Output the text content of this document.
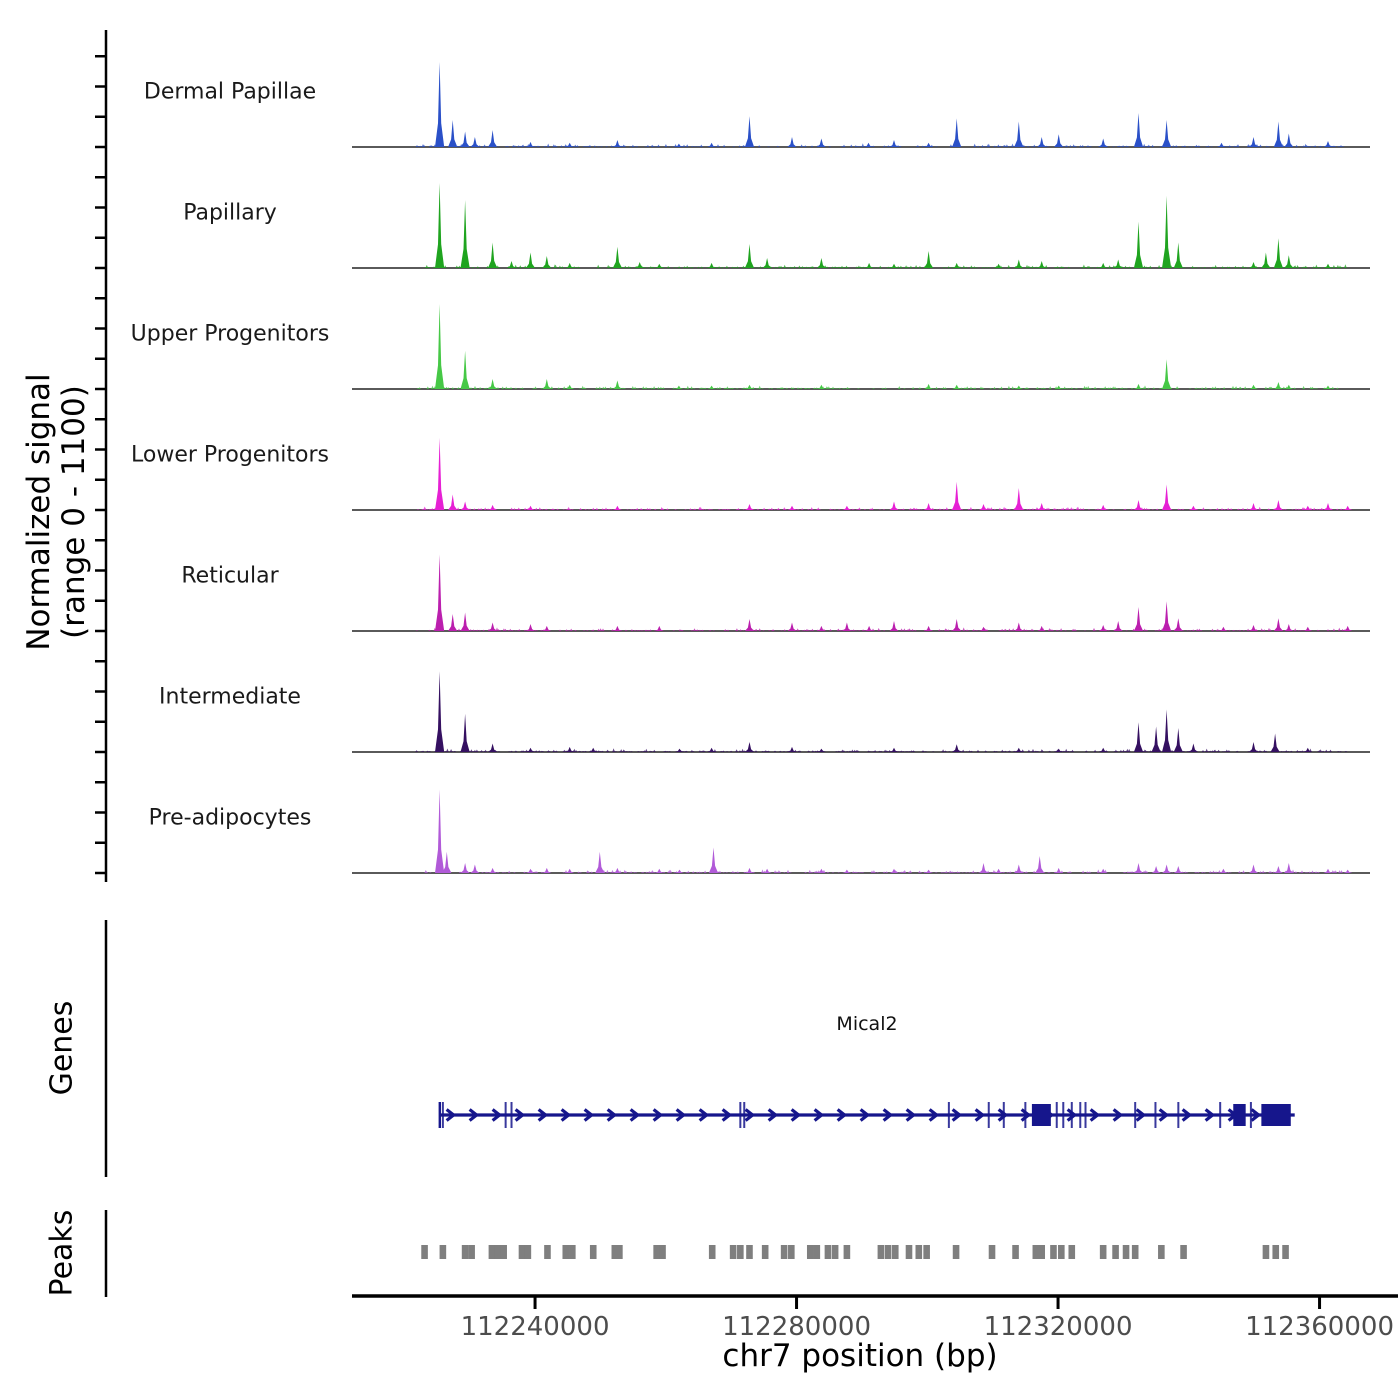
Normalized signal (range 0 - 1100)
Dermal Papillae
Papillary
Upper Progenitors
Lower Progenitors
Reticular
Intermediate
Pre-adipocytes
Genes	Mical2
Peaks
112240000	112280000	112320000	112360000
chr7 position (bp)
